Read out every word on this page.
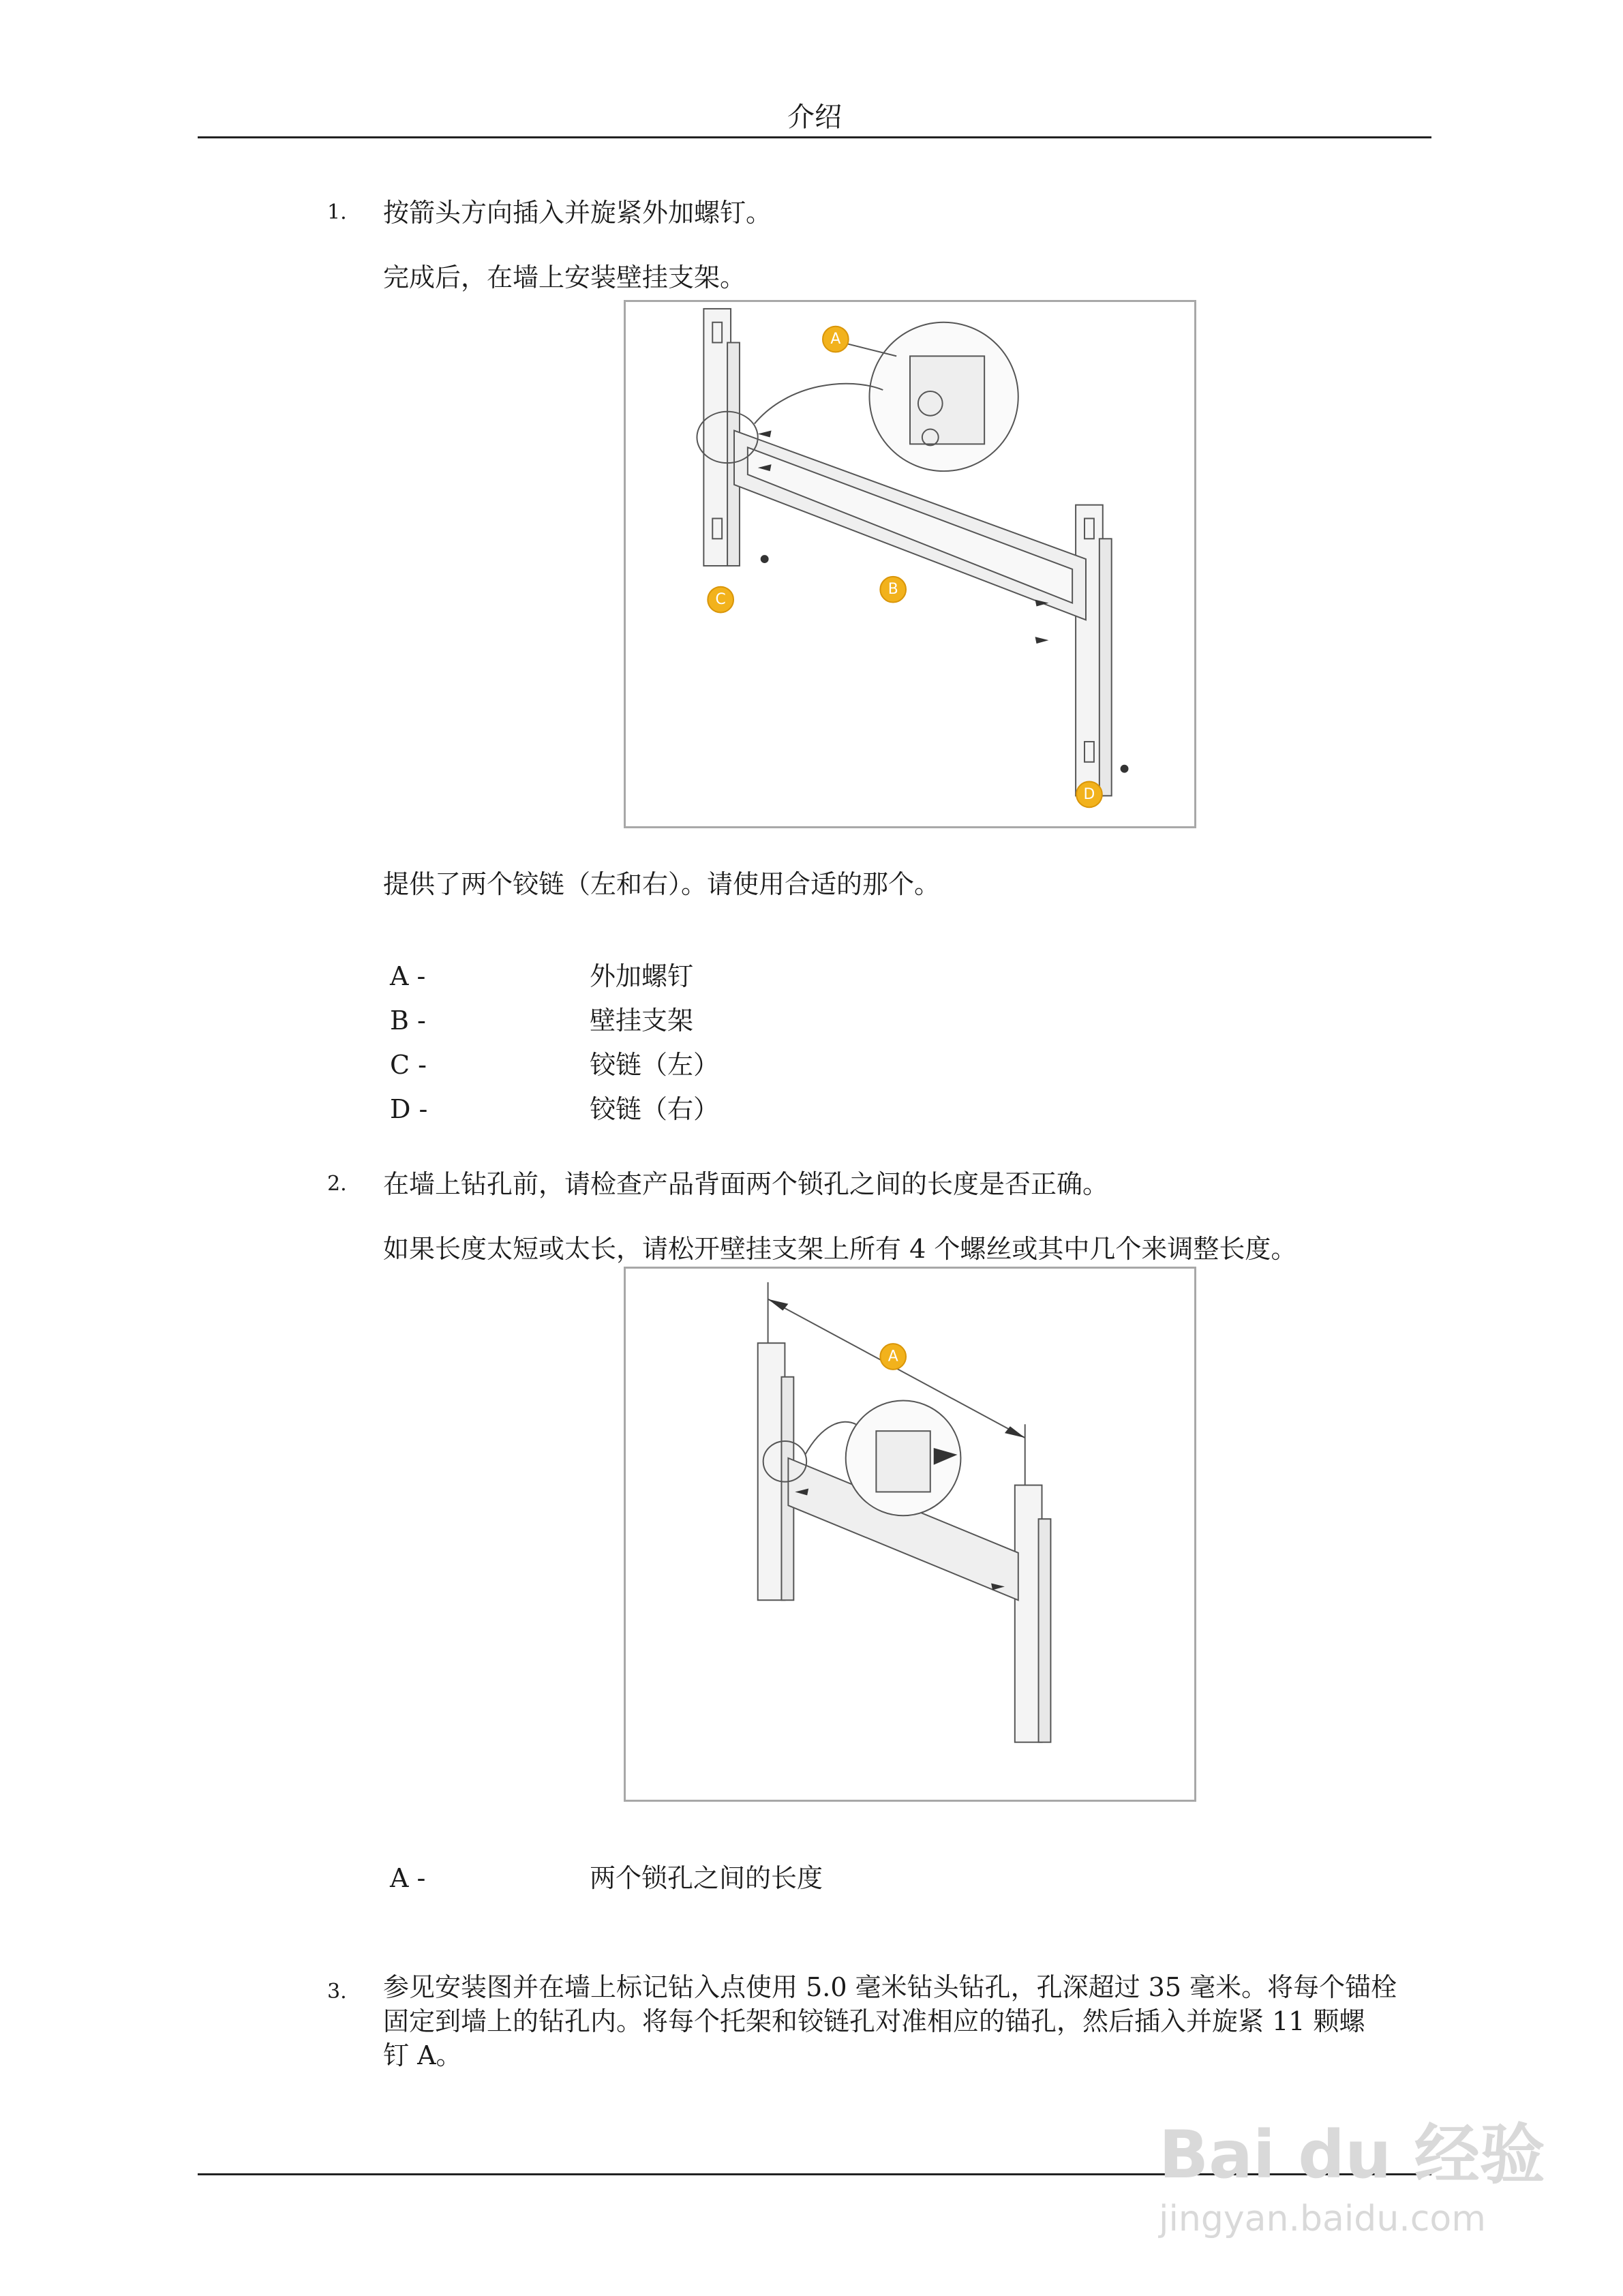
介绍
1. 按箭头方向插入并旋紧外加螺钉。
完成后，在墙上安装壁挂支架。
A
B
C
D
提供了两个铰链（左和右）。请使用合适的那个。
A -	外加螺钉
B -	壁挂支架
C -	铰链（左）
D -	铰链（右）
2. 在墙上钻孔前，请检查产品背面两个锁孔之间的长度是否正确。
如果长度太短或太长，请松开壁挂支架上所有 4 个螺丝或其中几个来调整长度。
A
A -	两个锁孔之间的长度
3. 参见安装图并在墙上标记钻入点使用 5.0 毫米钻头钻孔，孔深超过 35 毫米。将每个锚栓
固定到墙上的钻孔内。将每个托架和铰链孔对准相应的锚孔，然后插入并旋紧 11 颗螺
钉 A。
Bai du 经验
jingyan.baidu.com
